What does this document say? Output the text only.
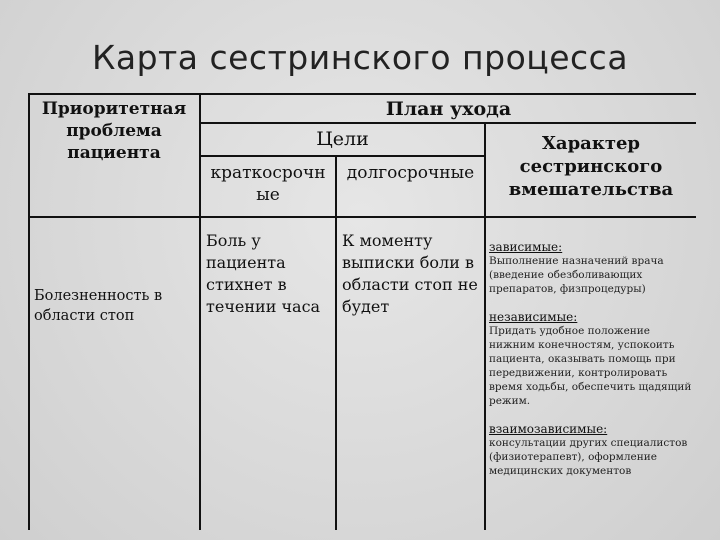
Карта сестринского процесса
Приоритетная проблема пациента
План ухода
Цели
краткосрочн ые
долгосрочные
Характер сестринского вмешательства
Болезненность в области стоп
Боль у пациента стихнет в течении часа
К моменту выписки боли в области стоп не будет
зависимые:
Выполнение назначений врача (введение обезболивающих препаратов, физпроцедуры)
независимые:
Придать удобное положение нижним конечностям, успокоить пациента, оказывать помощь при передвижении, контролировать время ходьбы, обеспечить щадящий режим.
взаимозависимые:
консультации других специалистов (физиотерапевт), оформление медицинских документов
